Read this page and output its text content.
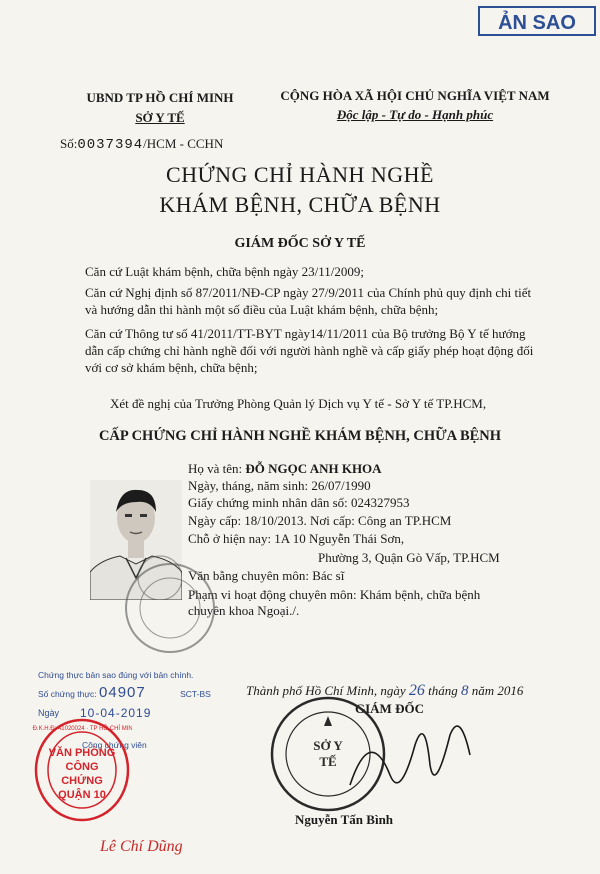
ẢN SAO
UBND TP HỒ CHÍ MINH
SỞ Y TẾ
CỘNG HÒA XÃ HỘI CHỦ NGHĨA VIỆT NAM
Độc lập - Tự do - Hạnh phúc
Số:0037394/HCM - CCHN
CHỨNG CHỈ HÀNH NGHỀ
KHÁM BỆNH, CHỮA BỆNH
GIÁM ĐỐC SỞ Y TẾ
Căn cứ Luật khám bệnh, chữa bệnh ngày 23/11/2009;
Căn cứ Nghị định số 87/2011/NĐ-CP ngày 27/9/2011 của Chính phủ quy định chi tiết và hướng dẫn thi hành một số điều của Luật khám bệnh, chữa bệnh;
Căn cứ Thông tư số 41/2011/TT-BYT ngày14/11/2011 của Bộ trưởng Bộ Y tế hướng dẫn cấp chứng chỉ hành nghề đối với người hành nghề và cấp giấy phép hoạt động đối với cơ sở khám bệnh, chữa bệnh;
Xét đề nghị của Trưởng Phòng Quản lý Dịch vụ Y tế - Sở Y tế TP.HCM,
CẤP CHỨNG CHỈ HÀNH NGHỀ KHÁM BỆNH, CHỮA BỆNH
Họ và tên: ĐỖ NGỌC ANH KHOA
Ngày, tháng, năm sinh: 26/07/1990
Giấy chứng minh nhân dân số: 024327953
Ngày cấp: 18/10/2013. Nơi cấp: Công an TP.HCM
Chỗ ở hiện nay: 1A 10 Nguyễn Thái Sơn,
Phường 3, Quận Gò Vấp, TP.HCM
Văn bằng chuyên môn: Bác sĩ
Phạm vi hoạt động chuyên môn: Khám bệnh, chữa bệnh
chuyên khoa Ngoại./.
Chứng thực bản sao đúng với bản chính.
Số chứng thực: 04907	SCT-BS
Ngày 10-04-2019
Công chứng viên
S.Đ.K.H.Đ: 41020024 · TP HỒ CHÍ MINH
VĂN PHÒNG CÔNG CHỨNG QUẬN 10
Thành phố Hồ Chí Minh, ngày 26 tháng 8 năm 2016
GIÁM ĐỐC
SỞ Y TẾ
Nguyễn Tấn Bình
Lê Chí Dũng
